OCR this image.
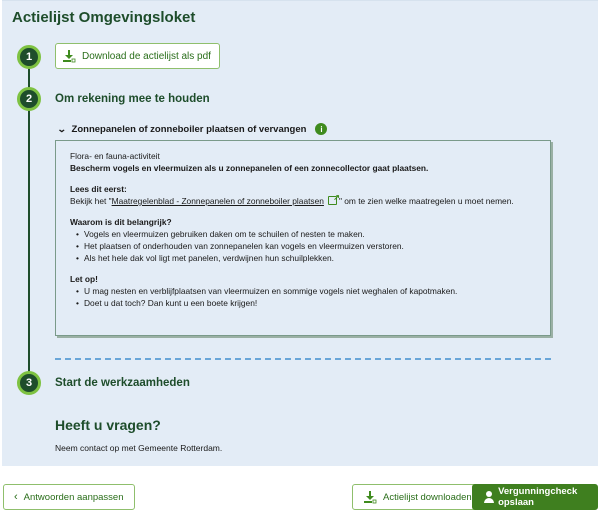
Actielijst Omgevingsloket
1	Download de actielijst als pdf
2	Om rekening mee te houden
⌄ Zonnepanelen of zonneboiler plaatsen of vervangen	i
Flora- en fauna-activiteit
Bescherm vogels en vleermuizen als u zonnepanelen of een zonnecollector gaat plaatsen.
Lees dit eerst:
Bekijk het "Maatregelenblad - Zonnepanelen of zonneboiler plaatsen ↗ " om te zien welke maatregelen u moet nemen.
Waarom is dit belangrijk?
• Vogels en vleermuizen gebruiken daken om te schuilen of nesten te maken.
• Het plaatsen of onderhouden van zonnepanelen kan vogels en vleermuizen verstoren.
• Als het hele dak vol ligt met panelen, verdwijnen hun schuilplekken.
Let op!
• U mag nesten en verblijfplaatsen van vleermuizen en sommige vogels niet weghalen of kapotmaken.
• Doet u dat toch? Dan kunt u een boete krijgen!
3	Start de werkzaamheden
Heeft u vragen?
Neem contact op met Gemeente Rotterdam.
‹ Antwoorden aanpassen	Actielijst downloaden	Vergunningcheck opslaan
